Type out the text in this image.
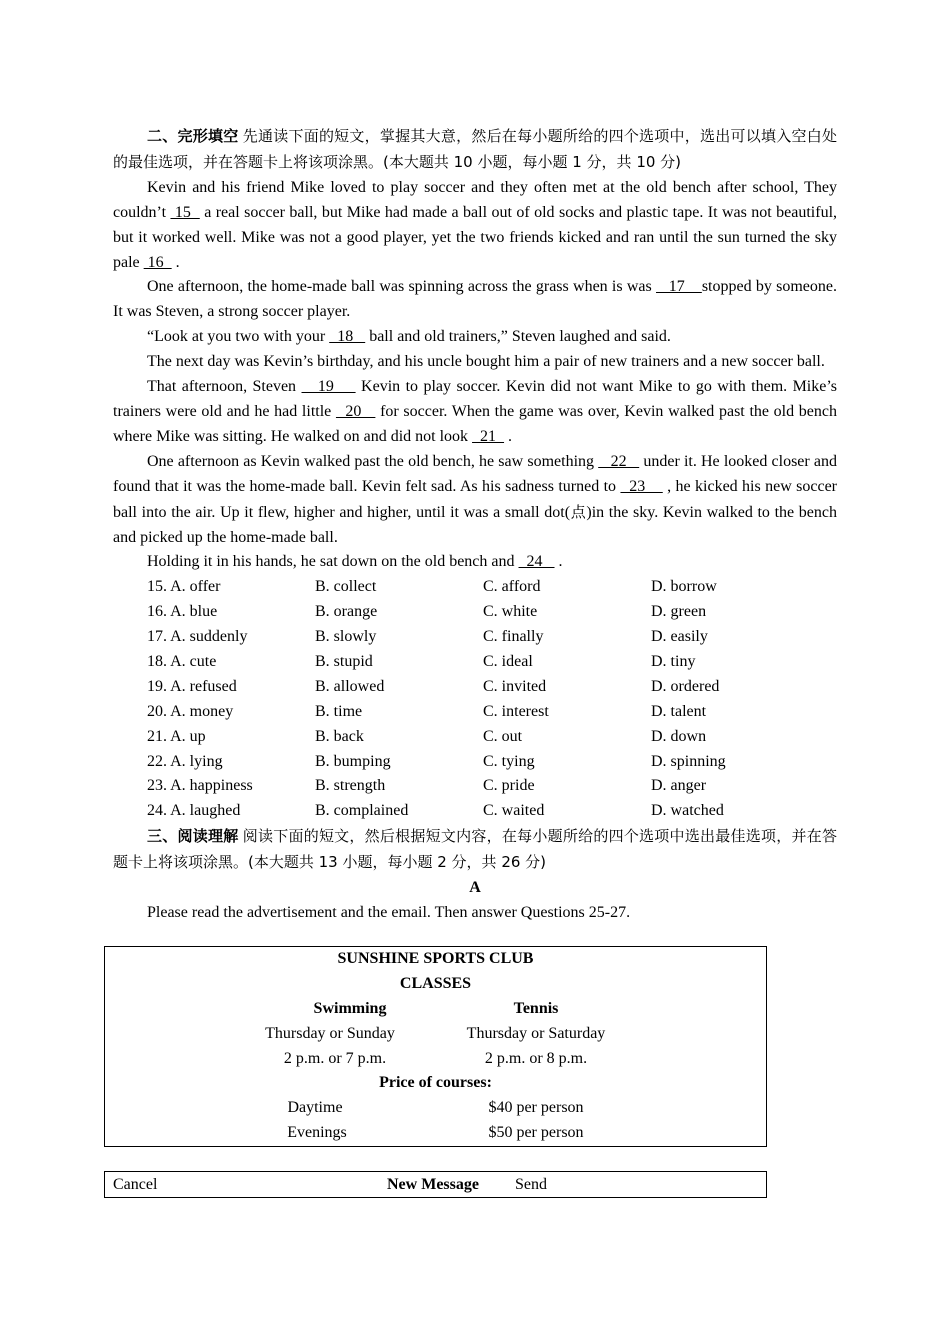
二、完形填空 先通读下面的短文，掌握其大意，然后在每小题所给的四个选项中，选出可以填入空白处的最佳选项，并在答题卡上将该项涂黑。(本大题共 10 小题，每小题 1 分，共 10 分)

Kevin and his friend Mike loved to play soccer and they often met at the old bench after school, They couldn’t  15   a real soccer ball, but Mike had made a ball out of old socks and plastic tape. It was not beautiful, but it worked well. Mike was not a good player, yet the two friends kicked and ran until the sun turned the sky pale  16   .

One afternoon, the home-made ball was spinning across the grass when is was    17    stopped by someone. It was Steven, a strong soccer player.

“Look at you two with your   18    ball and old trainers,” Steven laughed and said.

The next day was Kevin’s birthday, and his uncle bought him a pair of new trainers and a new soccer ball.

That afternoon, Steven    19     Kevin to play soccer. Kevin did not want Mike to go with them. Mike’s trainers were old and he had little   20    for soccer. When the game was over, Kevin walked past the old bench where Mike was sitting. He walked on and did not look   21   .

One afternoon as Kevin walked past the old bench, he saw something    22    under it. He looked closer and found that it was the home-made ball. Kevin felt sad. As his sadness turned to   23     , he kicked his new soccer ball into the air. Up it flew, higher and higher, until it was a small dot(点)in the sky. Kevin walked to the bench and picked up the home-made ball.

Holding it in his hands, he sat down on the old bench and   24    .

15. A. offer	B. collect	C. afford	D. borrow
16. A. blue	B. orange	C. white	D. green
17. A. suddenly	B. slowly	C. finally	D. easily
18. A. cute	B. stupid	C. ideal	D. tiny
19. A. refused	B. allowed	C. invited	D. ordered
20. A. money	B. time	C. interest	D. talent
21. A. up	B. back	C. out	D. down
22. A. lying	B. bumping	C. tying	D. spinning
23. A. happiness	B. strength	C. pride	D. anger
24. A. laughed	B. complained	C. waited	D. watched

三、阅读理解 阅读下面的短文，然后根据短文内容，在每小题所给的四个选项中选出最佳选项，并在答题卡上将该项涂黑。(本大题共 13 小题，每小题 2 分，共 26 分)

A

Please read the advertisement and the email. Then answer Questions 25-27.

SUNSHINE SPORTS CLUB
CLASSES
Swimming	Tennis
Thursday or Sunday	Thursday or Saturday
2 p.m. or 7 p.m.	2 p.m. or 8 p.m.
Price of courses:
Daytime	$40 per person
Evenings	$50 per person
Cancel	New Message Send
